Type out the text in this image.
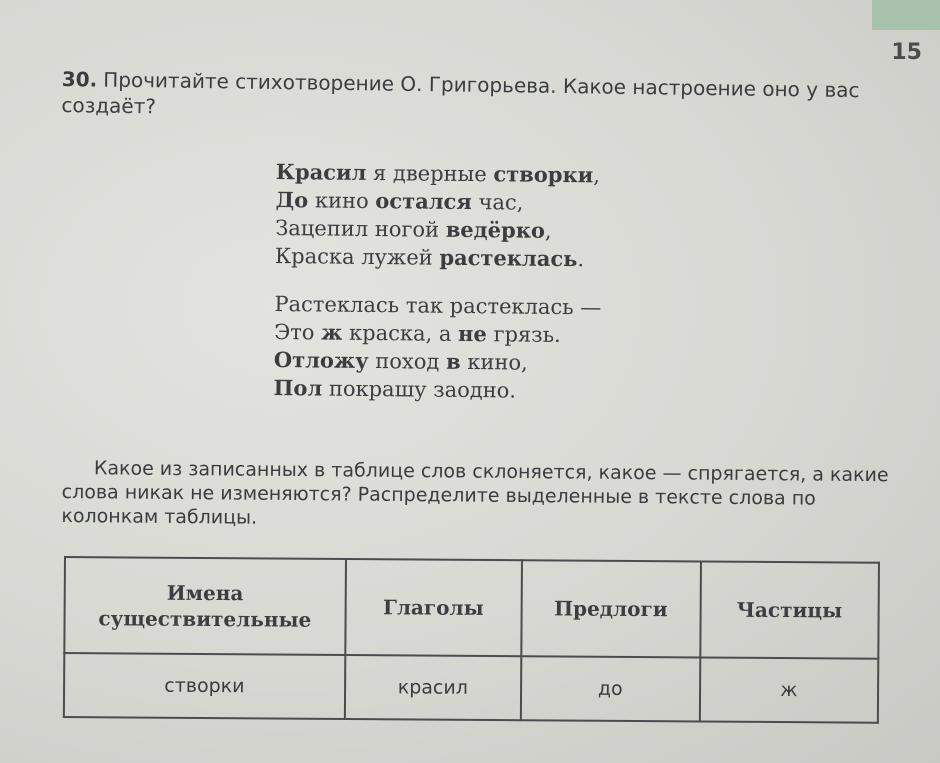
15
30. Прочитайте стихотворение О. Григорьева. Какое настроение оно у вас создаёт?
Красил я дверные створки,
До кино остался час,
Зацепил ногой ведёрко,
Краска лужей растеклась.
Растеклась так растеклась —
Это ж краска, а не грязь.
Отложу поход в кино,
Пол покрашу заодно.
Какое из записанных в таблице слов склоняется, какое — спрягается, а какие слова никак не изменяются? Распределите выделенные в тексте слова по колонкам таблицы.
Имена
существительные	Глаголы	Предлоги	Частицы
створки	красил	до	ж
